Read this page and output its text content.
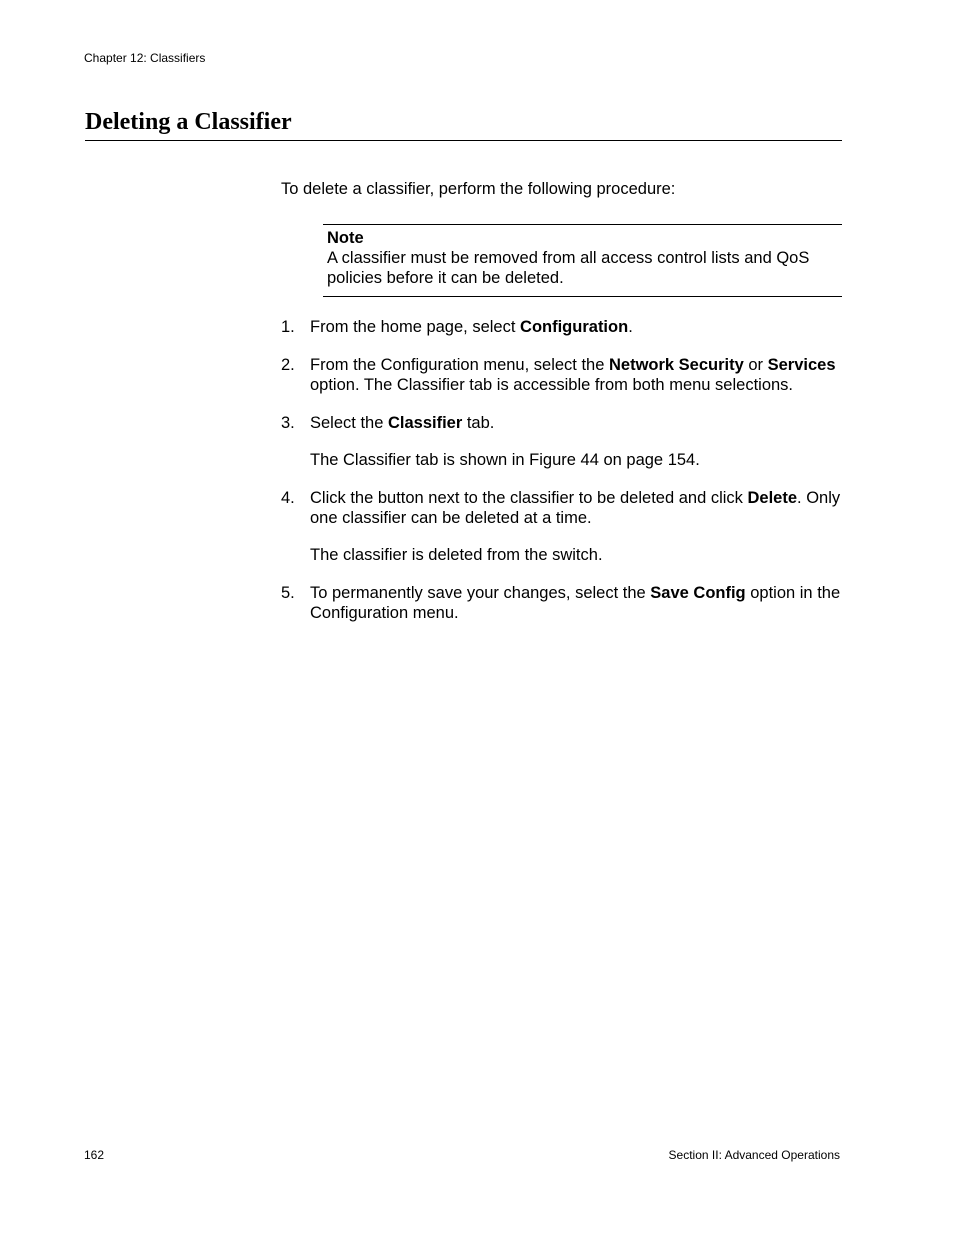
Chapter 12: Classifiers
Deleting a Classifier
To delete a classifier, perform the following procedure:
Note
A classifier must be removed from all access control lists and QoS policies before it can be deleted.
1. From the home page, select Configuration.
2. From the Configuration menu, select the Network Security or Services option. The Classifier tab is accessible from both menu selections.
3. Select the Classifier tab.
The Classifier tab is shown in Figure 44 on page 154.
4. Click the button next to the classifier to be deleted and click Delete. Only one classifier can be deleted at a time.
The classifier is deleted from the switch.
5. To permanently save your changes, select the Save Config option in the Configuration menu.
162	Section II: Advanced Operations
